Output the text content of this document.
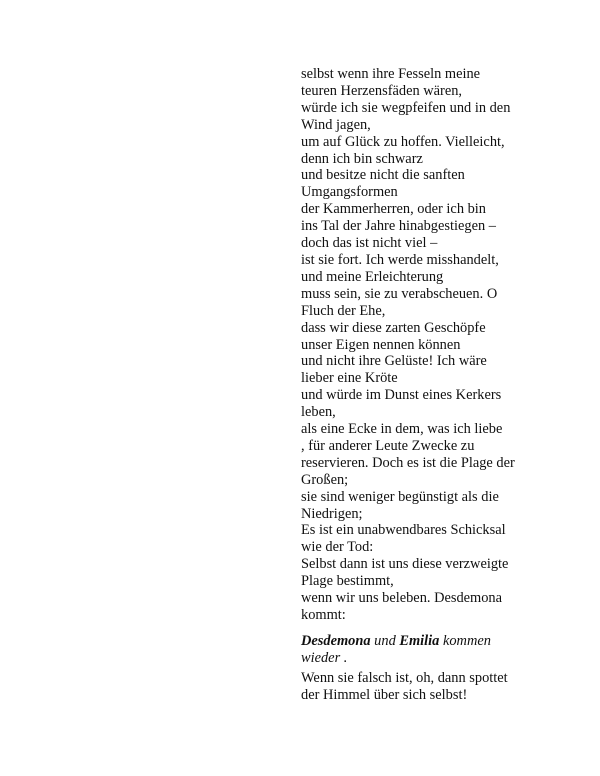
selbst wenn ihre Fesseln meine
teuren Herzensfäden wären,
würde ich sie wegpfeifen und in den
Wind jagen,
um auf Glück zu hoffen. Vielleicht,
denn ich bin schwarz
und besitze nicht die sanften
Umgangsformen
der Kammerherren, oder ich bin
ins Tal der Jahre hinabgestiegen –
doch das ist nicht viel –
ist sie fort. Ich werde misshandelt,
und meine Erleichterung
muss sein, sie zu verabscheuen. O
Fluch der Ehe,
dass wir diese zarten Geschöpfe
unser Eigen nennen können
und nicht ihre Gelüste! Ich wäre
lieber eine Kröte
und würde im Dunst eines Kerkers
leben,
als eine Ecke in dem, was ich liebe
, für anderer Leute Zwecke zu
reservieren. Doch es ist die Plage der
Großen;
sie sind weniger begünstigt als die
Niedrigen;
Es ist ein unabwendbares Schicksal
wie der Tod:
Selbst dann ist uns diese verzweigte
Plage bestimmt,
wenn wir uns beleben. Desdemona
kommt:
Desdemona und Emilia kommen
wieder .
Wenn sie falsch ist, oh, dann spottet
der Himmel über sich selbst!
